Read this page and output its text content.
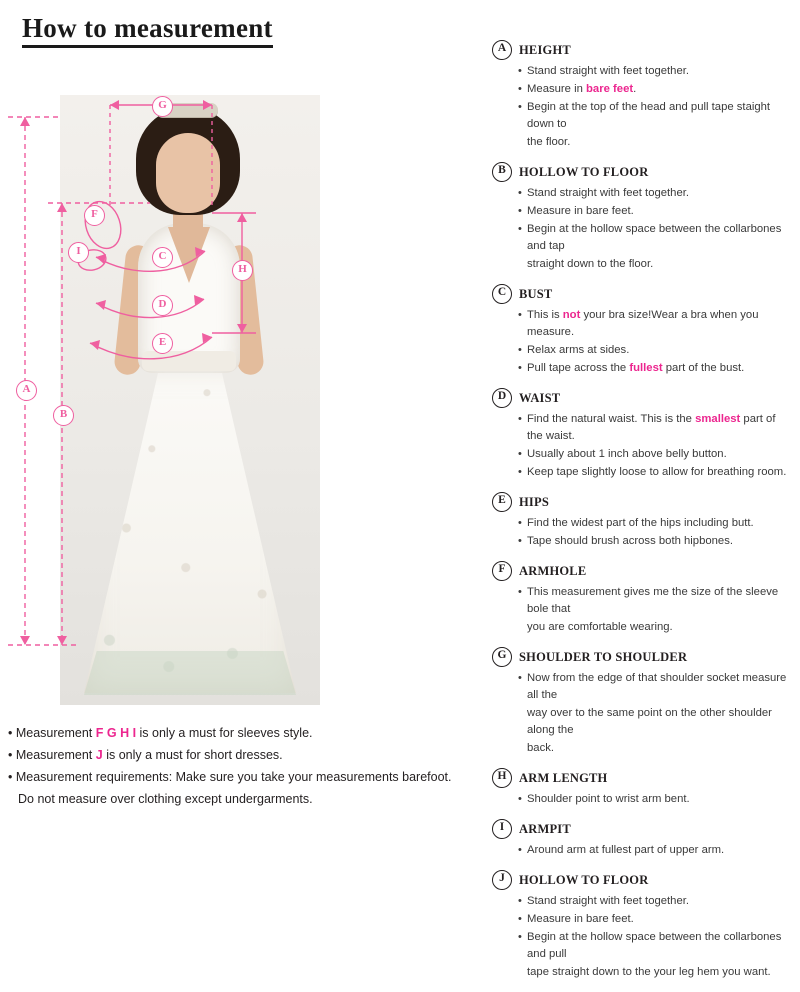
How to measurement
A
B
C
D
E
F
G
H
I
• Measurement F G H I is only a must for sleeves style.
• Measurement J is only a must for short dresses.
• Measurement requirements: Make sure you take your measurements barefoot.
Do not measure over clothing except undergarments.
A	HEIGHT
• Stand straight with feet together.
• Measure in bare feet.
• Begin at the top of the head and pull tape staight down to
the floor.
B	HOLLOW TO FLOOR
• Stand straight with feet together.
• Measure in bare feet.
• Begin at the hollow space between the collarbones and tap
straight down to the floor.
C	BUST
• This is not your bra size!Wear a bra when you measure.
• Relax arms at sides.
• Pull tape across the fullest part of the bust.
D	WAIST
• Find the natural waist. This is the smallest part of the waist.
• Usually about 1 inch above belly button.
• Keep tape slightly loose to allow for breathing room.
E	HIPS
• Find the widest part of the hips including butt.
• Tape should brush across both hipbones.
F	ARMHOLE
• This measurement gives me the size of the sleeve bole that
you are comfortable wearing.
G	SHOULDER TO SHOULDER
• Now from the edge of that shoulder socket measure all the
way over to the same point on the other shoulder along the
back.
H	ARM LENGTH
• Shoulder point to wrist arm bent.
I	ARMPIT
• Around arm at fullest part of upper arm.
J	HOLLOW TO FLOOR
• Stand straight with feet together.
• Measure in bare feet.
• Begin at the hollow space between the collarbones and pull
tape straight down to the your leg hem you want.
